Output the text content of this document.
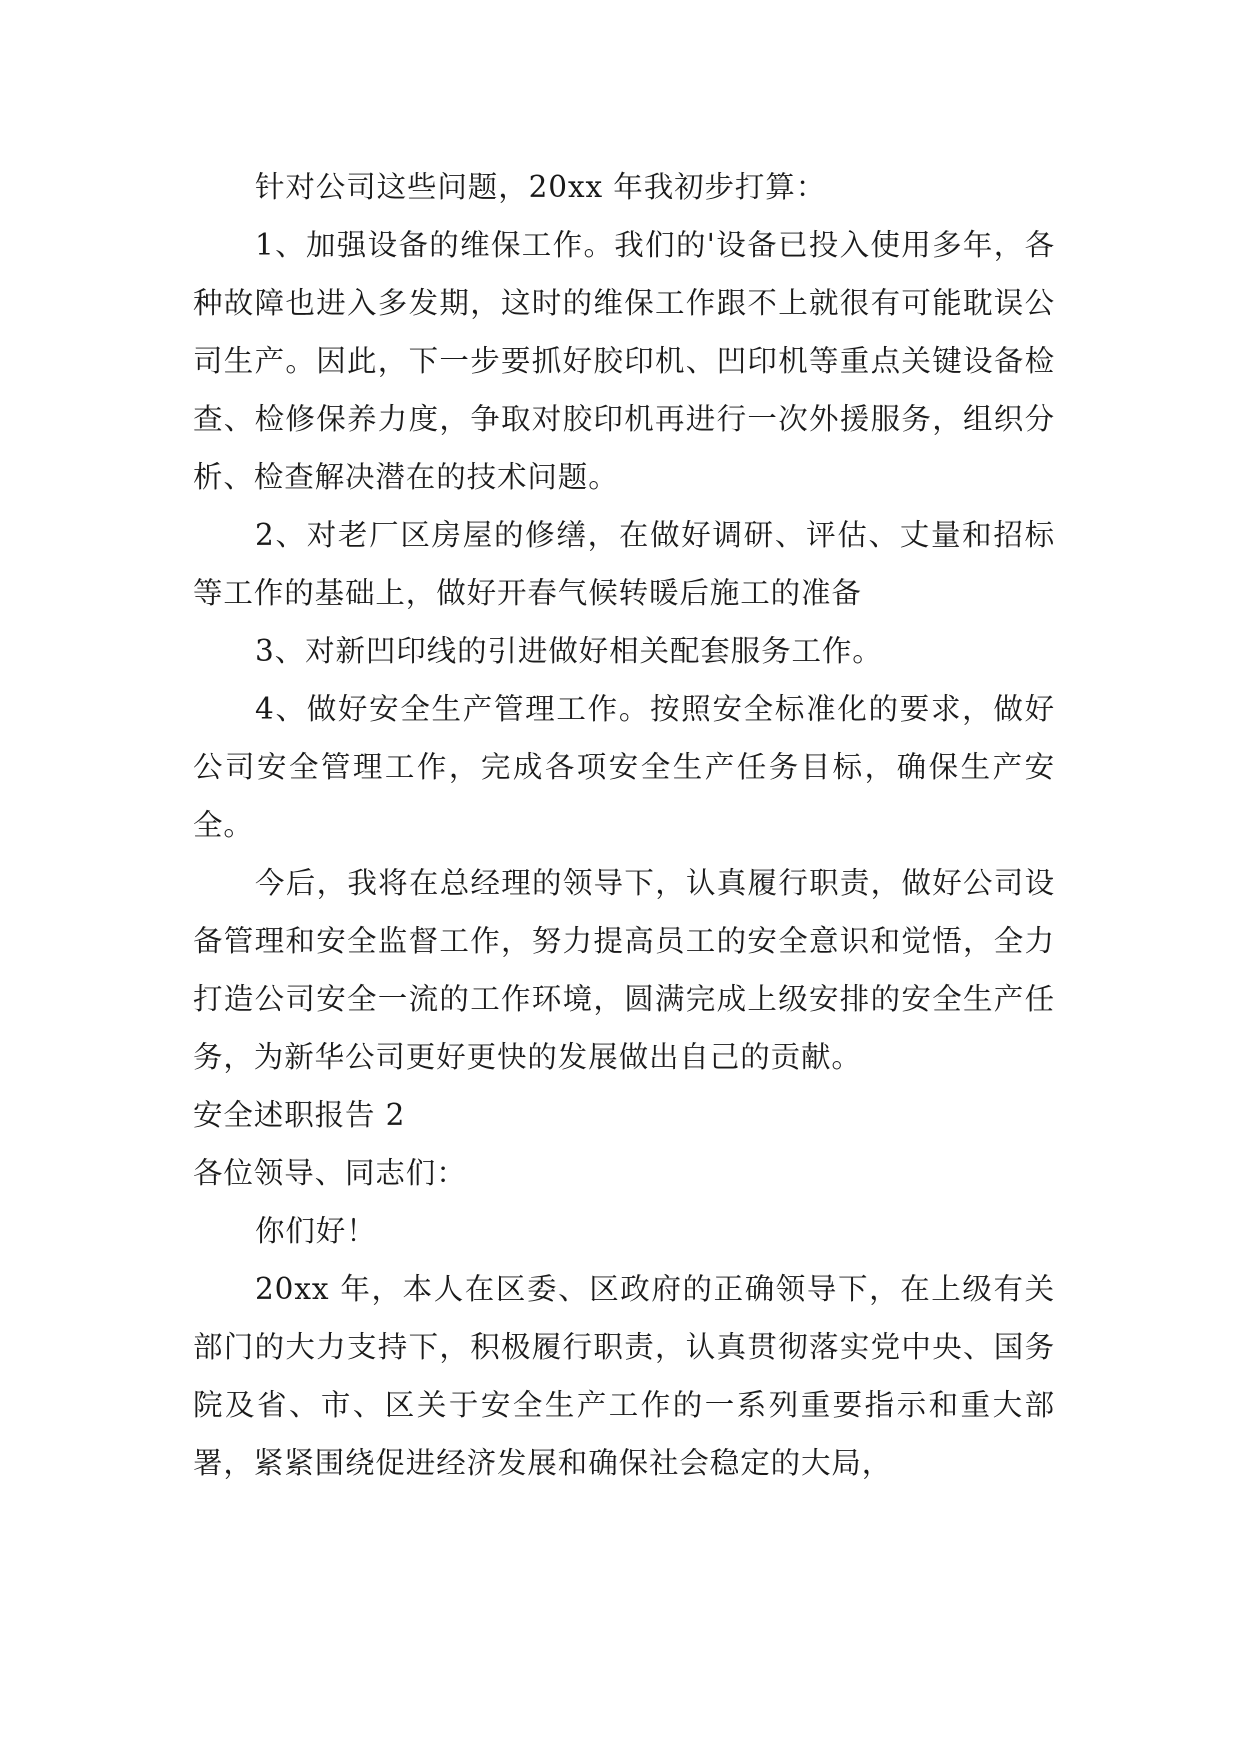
针对公司这些问题，20xx 年我初步打算：

1、加强设备的维保工作。我们的'设备已投入使用多年，各种故障也进入多发期，这时的维保工作跟不上就很有可能耽误公司生产。因此，下一步要抓好胶印机、凹印机等重点关键设备检查、检修保养力度，争取对胶印机再进行一次外援服务，组织分析、检查解决潜在的技术问题。

2、对老厂区房屋的修缮，在做好调研、评估、丈量和招标等工作的基础上，做好开春气候转暖后施工的准备

3、对新凹印线的引进做好相关配套服务工作。

4、做好安全生产管理工作。按照安全标准化的要求，做好公司安全管理工作，完成各项安全生产任务目标，确保生产安全。

今后，我将在总经理的领导下，认真履行职责，做好公司设备管理和安全监督工作，努力提高员工的安全意识和觉悟，全力打造公司安全一流的工作环境，圆满完成上级安排的安全生产任务，为新华公司更好更快的发展做出自己的贡献。

安全述职报告 2

各位领导、同志们：

你们好！

20xx 年，本人在区委、区政府的正确领导下，在上级有关部门的大力支持下，积极履行职责，认真贯彻落实党中央、国务院及省、市、区关于安全生产工作的一系列重要指示和重大部署，紧紧围绕促进经济发展和确保社会稳定的大局，
